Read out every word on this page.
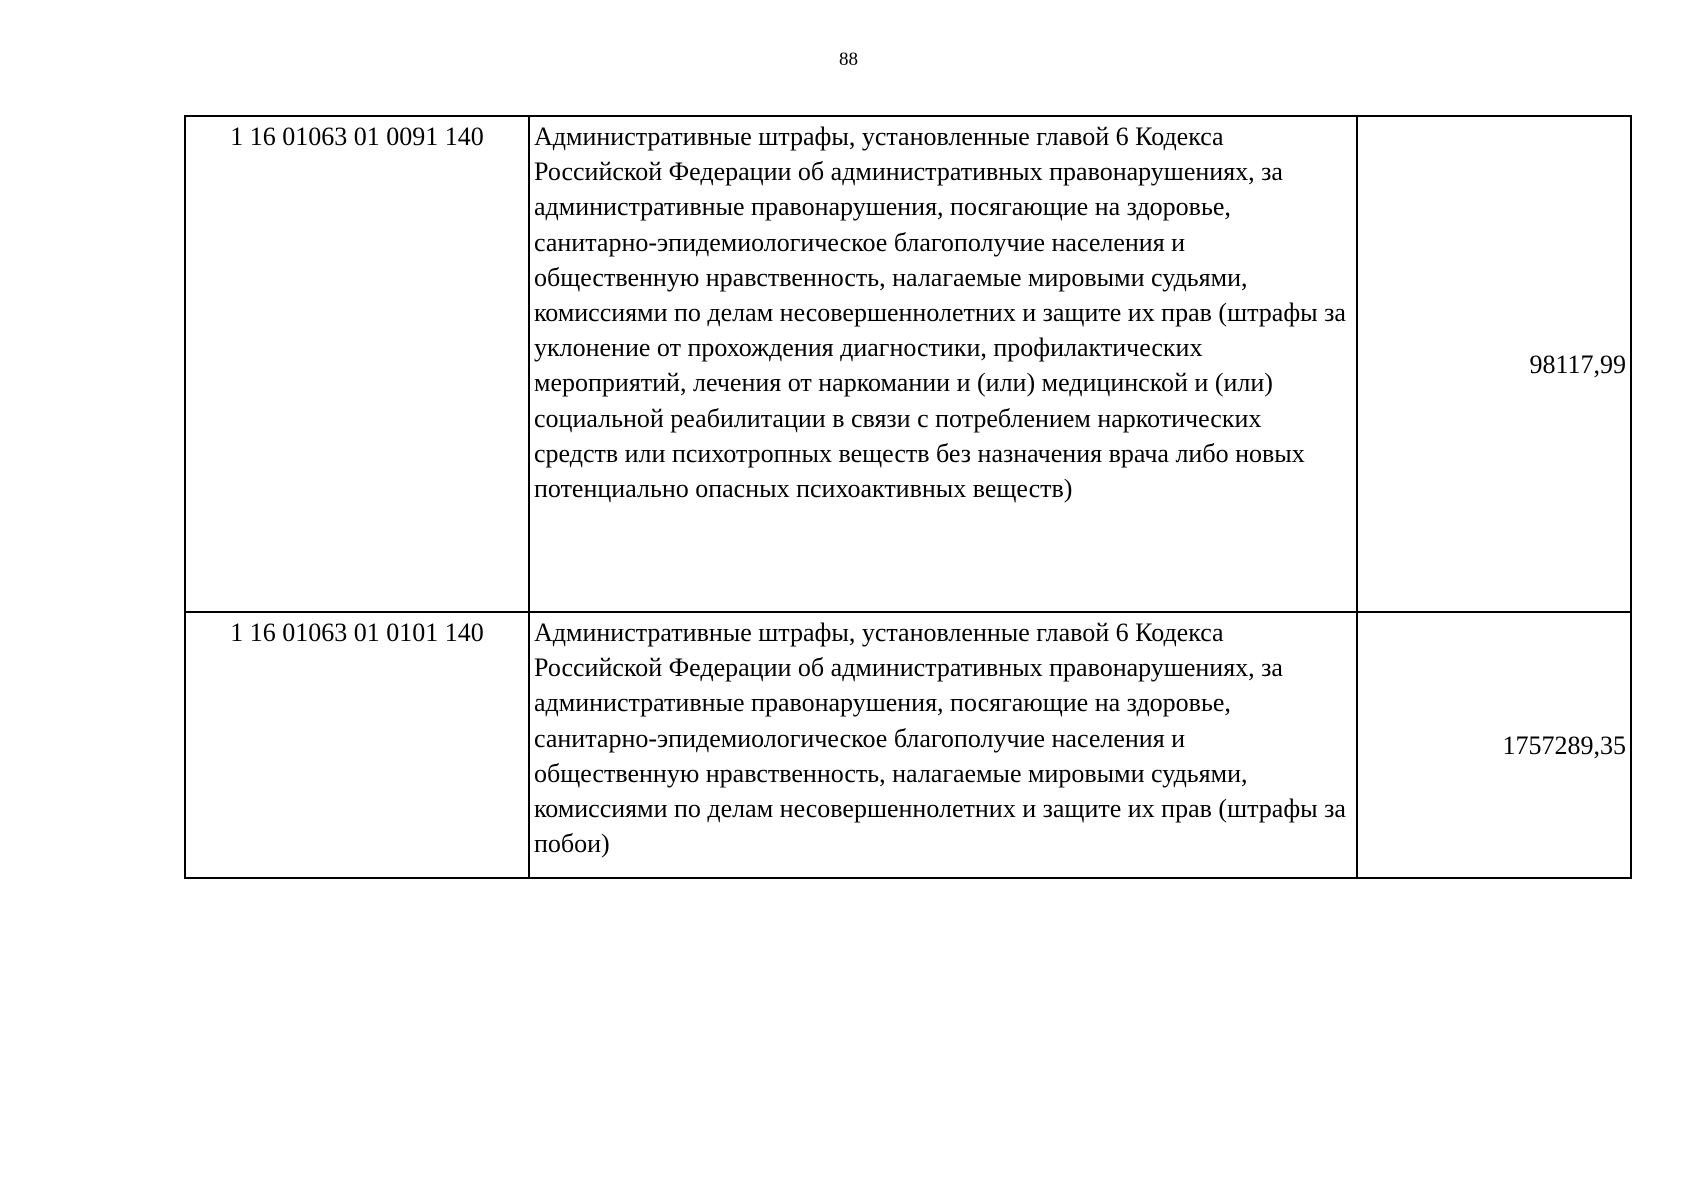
88
1 16 01063 01 0091 140	Административные штрафы, установленные главой 6 Кодекса Российской Федерации об административных правонарушениях, за административные правонарушения, посягающие на здоровье, санитарно-эпидемиологическое благополучие населения и общественную нравственность, налагаемые мировыми судьями, комиссиями по делам несовершеннолетних и защите их прав (штрафы за уклонение от прохождения диагностики, профилактических мероприятий, лечения от наркомании и (или) медицинской и (или) социальной реабилитации в связи с потреблением наркотических средств или психотропных веществ без назначения врача либо новых потенциально опасных психоактивных веществ)	98117,99
1 16 01063 01 0101 140	Административные штрафы, установленные главой 6 Кодекса Российской Федерации об административных правонарушениях, за административные правонарушения, посягающие на здоровье, санитарно-эпидемиологическое благополучие населения и общественную нравственность, налагаемые мировыми судьями, комиссиями по делам несовершеннолетних и защите их прав (штрафы за побои)	1757289,35
